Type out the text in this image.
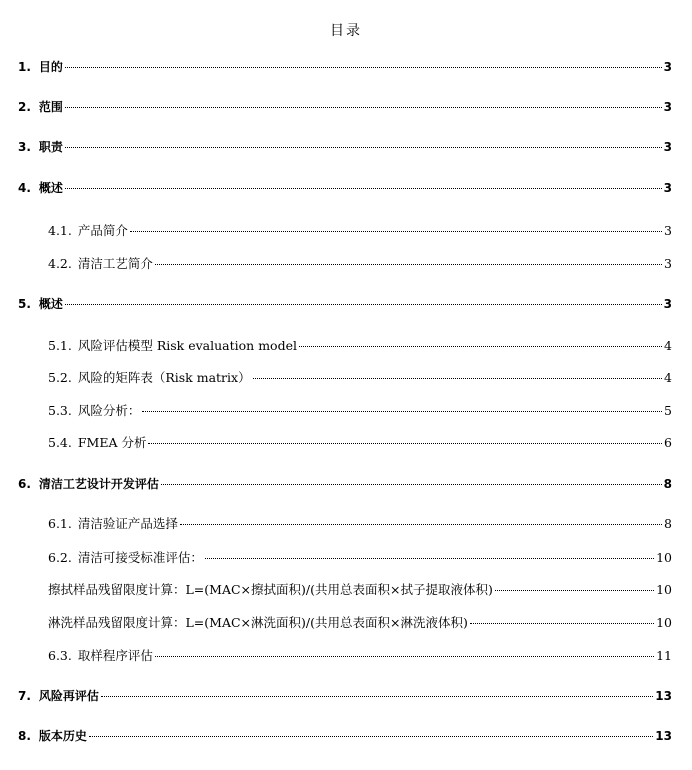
目录
1. 目的	3
2. 范围	3
3. 职责	3
4. 概述	3
4.1. 产品简介	3
4.2. 清洁工艺简介	3
5. 概述	3
5.1. 风险评估模型 Risk evaluation model	4
5.2. 风险的矩阵表（Risk matrix）	4
5.3. 风险分析：	5
5.4. FMEA 分析	6
6. 清洁工艺设计开发评估	8
6.1. 清洁验证产品选择	8
6.2. 清洁可接受标准评估：	10
擦拭样品残留限度计算：L=(MAC×擦拭面积)/(共用总表面积×拭子提取液体积)	10
淋洗样品残留限度计算：L=(MAC×淋洗面积)/(共用总表面积×淋洗液体积)	10
6.3. 取样程序评估	11
7. 风险再评估	13
8. 版本历史	13
